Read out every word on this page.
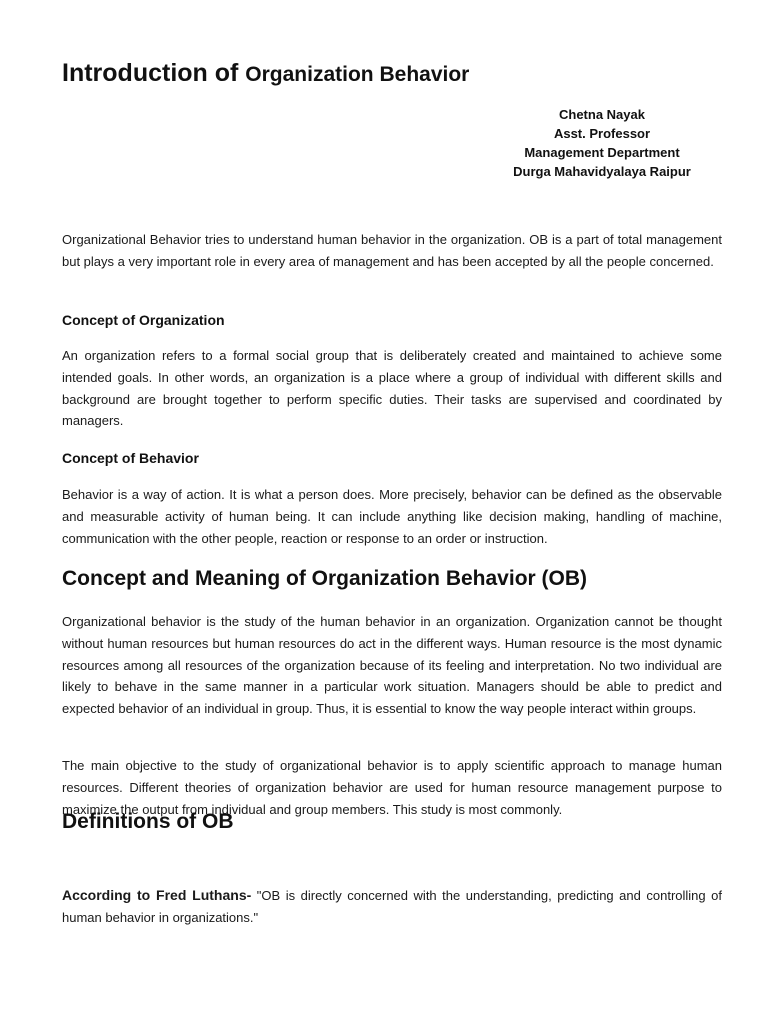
Introduction of Organization Behavior
Chetna Nayak
Asst. Professor
Management Department
Durga Mahavidyalaya Raipur

Organizational Behavior tries to understand human behavior in the organization. OB is a part of total management but plays a very important role in every area of management and has been accepted by all the people concerned.

Concept of Organization

An organization refers to a formal social group that is deliberately created and maintained to achieve some intended goals. In other words, an organization is a place where a group of individual with different skills and background are brought together to perform specific duties. Their tasks are supervised and coordinated by managers.

Concept of Behavior

Behavior is a way of action. It is what a person does. More precisely, behavior can be defined as the observable and measurable activity of human being. It can include anything like decision making, handling of machine, communication with the other people, reaction or response to an order or instruction.

Concept and Meaning of Organization Behavior (OB)

Organizational behavior is the study of the human behavior in an organization. Organization cannot be thought without human resources but human resources do act in the different ways. Human resource is the most dynamic resources among all resources of the organization because of its feeling and interpretation. No two individual are likely to behave in the same manner in a particular work situation. Managers should be able to predict and expected behavior of an individual in group. Thus, it is essential to know the way people interact within groups.

The main objective to the study of organizational behavior is to apply scientific approach to manage human resources. Different theories of organization behavior are used for human resource management purpose to maximize the output from individual and group members. This study is most commonly.

Definitions of OB

According to Fred Luthans- "OB is directly concerned with the understanding, predicting and controlling of human behavior in organizations."
